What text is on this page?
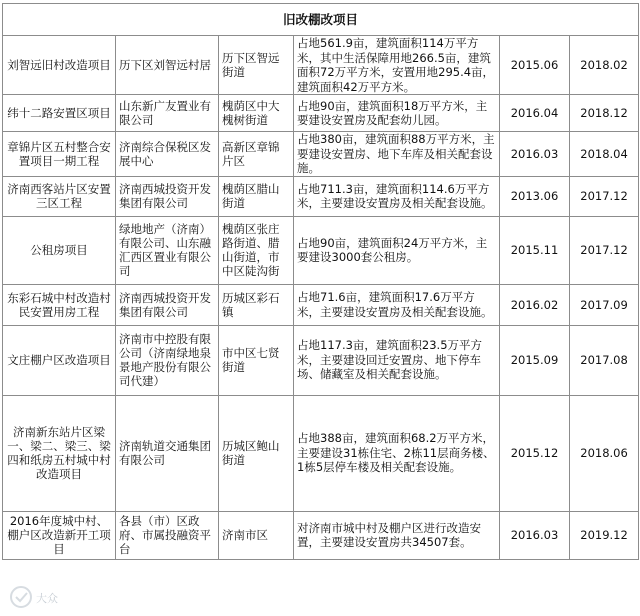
旧改棚改项目					
刘智远旧村改造项目	历下区刘智远村居	历下区智远街道	占地561.9亩，建筑面积114万平方米，其中生活保障用地266.5亩，建筑面积72万平方米，安置用地295.4亩，建筑面积42万平方米。	2015.06	2018.02
纬十二路安置区项目	山东新广友置业有限公司	槐荫区中大槐树街道	占地90亩，建筑面积18万平方米，主要建设安置房及配套幼儿园。	2016.04	2018.12
章锦片区五村整合安置项目一期工程	济南综合保税区发展中心	高新区章锦片区	占地380亩，建筑面积88万平方米，主要建设安置房、地下车库及相关配套设施。	2016.03	2018.04
济南西客站片区安置三区工程	济南西城投资开发集团有限公司	槐荫区腊山街道	占地711.3亩，建筑面积114.6万平方米，主要建设安置房及相关配套设施。	2013.06	2017.12
公租房项目	绿地地产（济南）有限公司、山东融汇西区置业有限公司	槐荫区张庄路街道、腊山街道，市中区陡沟街	占地90亩，建筑面积24万平方米，主要建设3000套公租房。	2015.11	2017.12
东彩石城中村改造村民安置用房工程	济南西城投资开发集团有限公司	历城区彩石镇	占地71.6亩，建筑面积17.6万平方米，主要建设安置房及相关配套设施。	2016.02	2017.09
文庄棚户区改造项目	济南市中控股有限公司（济南绿地泉景地产股份有限公司代建）	市中区七贤街道	占地117.3亩，建筑面积23.5万平方米，主要建设回迁安置房、地下停车场、储藏室及相关配套设施。	2015.09	2017.08
济南新东站片区梁一、梁二、梁三、梁四和纸房五村城中村改造项目	济南轨道交通集团有限公司	历城区鲍山街道	占地388亩，建筑面积68.2万平方米，主要建设31栋住宅、2栋11层商务楼、1栋5层停车楼及相关配套设施。	2015.12	2018.06
2016年度城中村、棚户区改造新开工项目	各县（市）区政府、市属投融资平台	济南市区	对济南市城中村及棚户区进行改造安置，主要建设安置房共34507套。	2016.03	2019.12
大众
